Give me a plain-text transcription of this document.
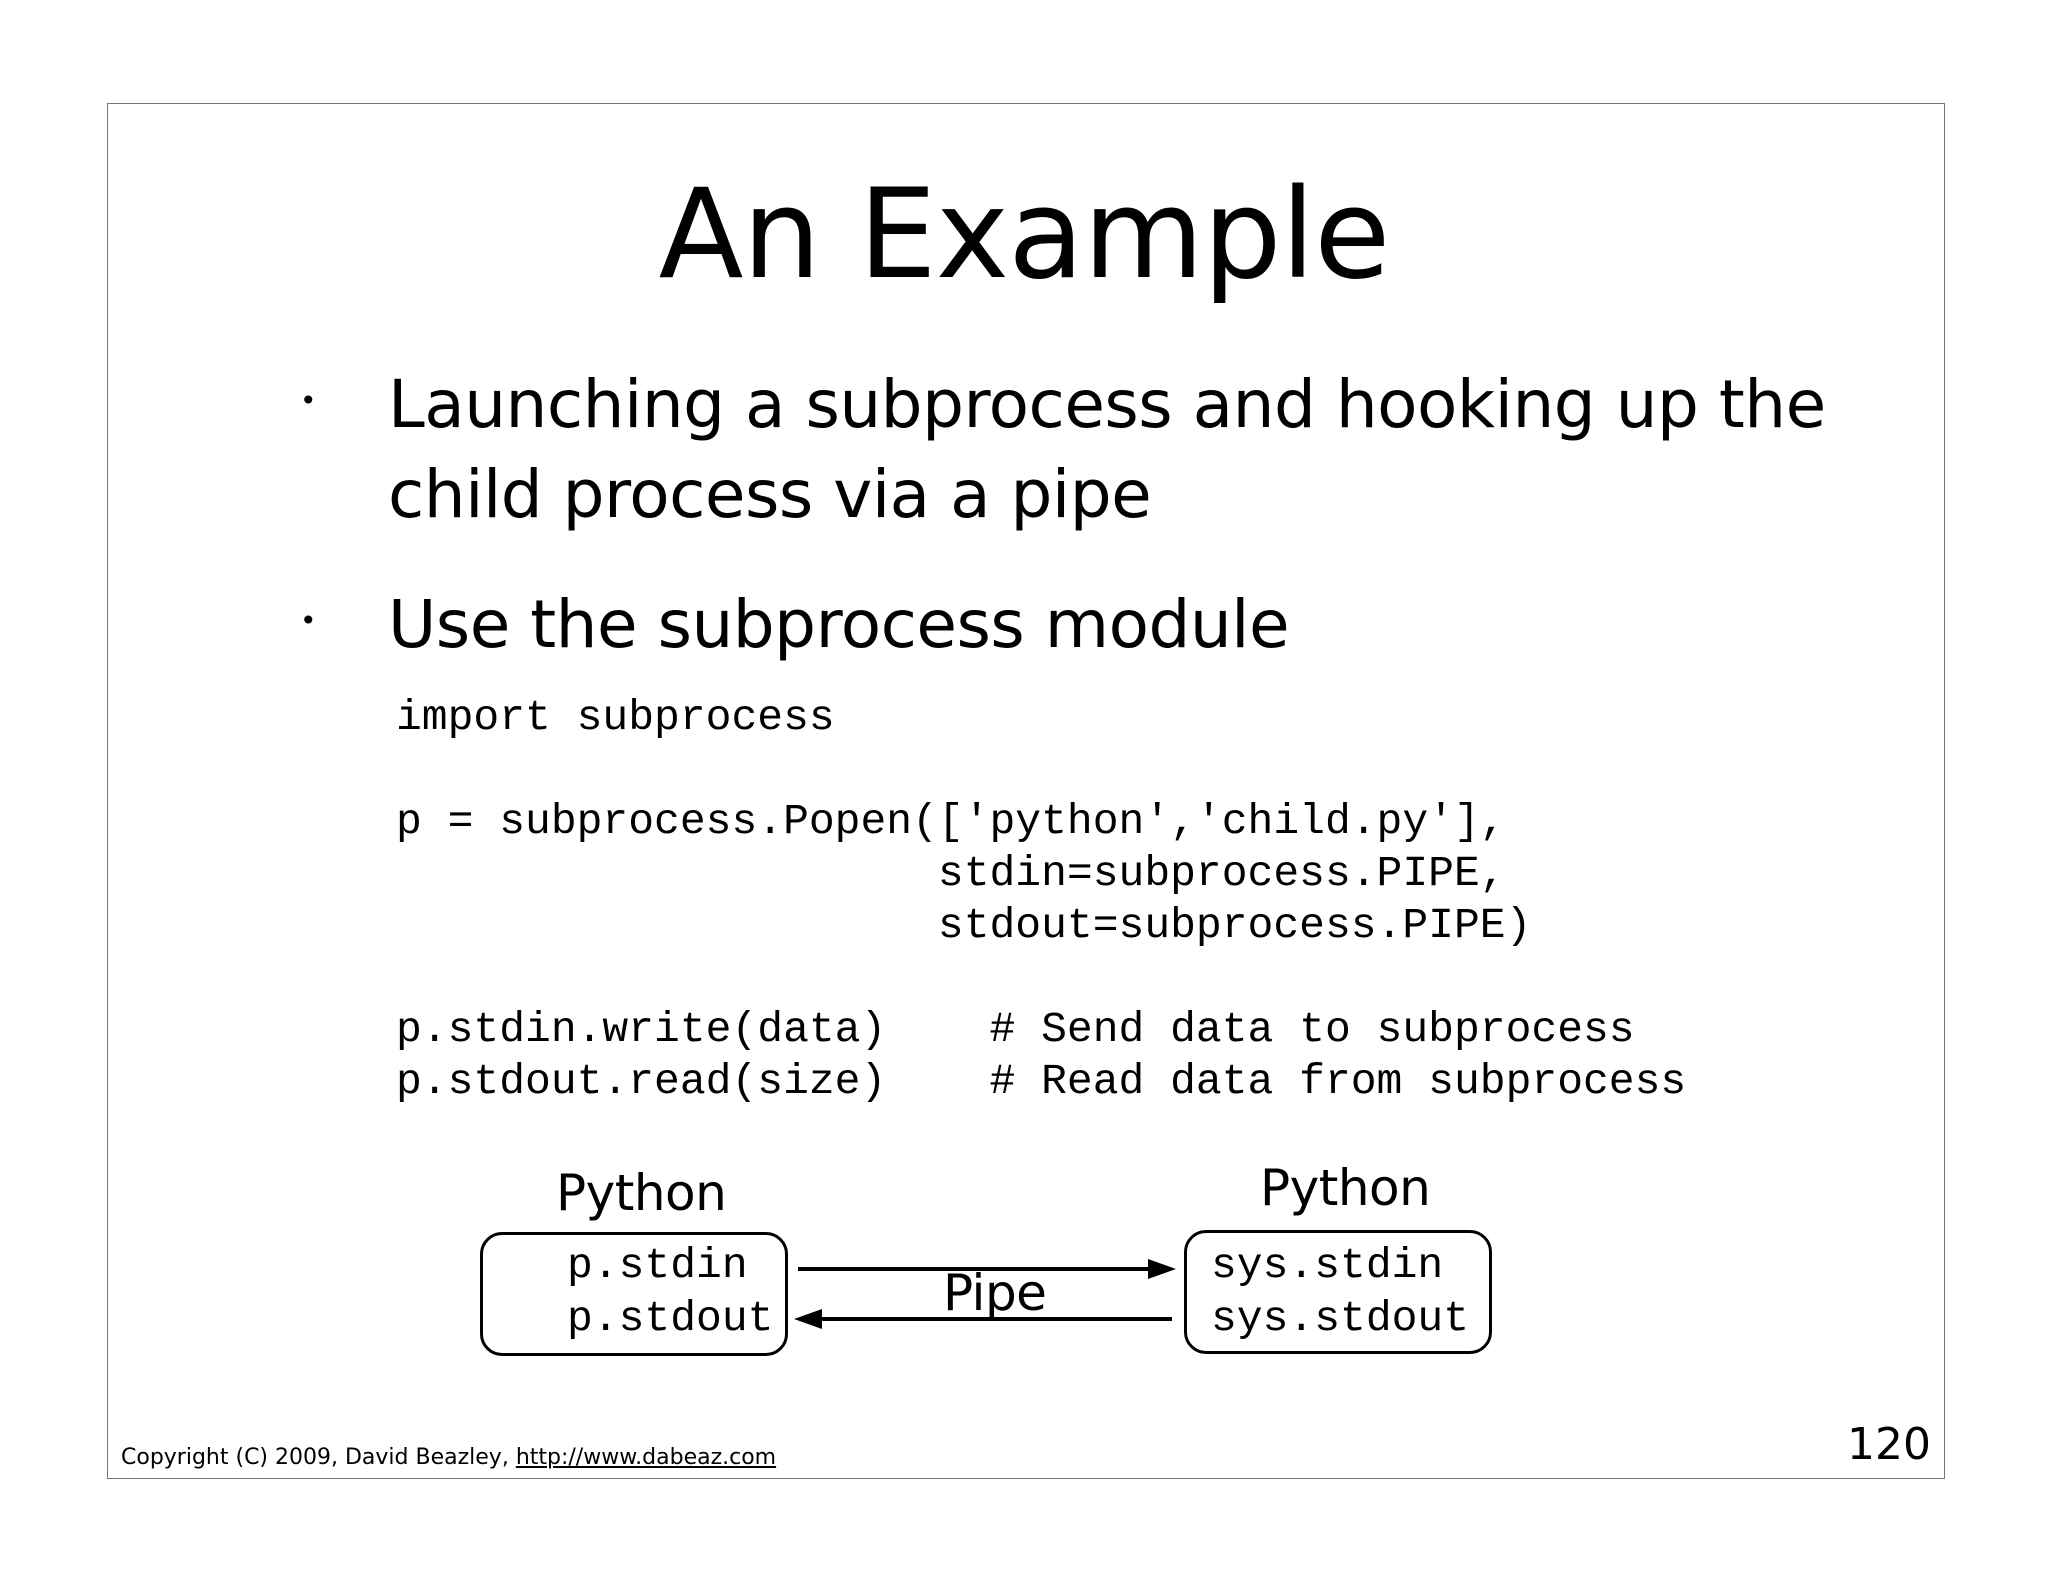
An Example
• Launching a subprocess and hooking up the
child process via a pipe
• Use the subprocess module
import subprocess

p = subprocess.Popen(['python','child.py'],
stdin=subprocess.PIPE,
stdout=subprocess.PIPE)

p.stdin.write(data)    # Send data to subprocess
p.stdout.read(size)    # Read data from subprocess
Python
p.stdin
p.stdout	Pipe
Python
sys.stdin
sys.stdout
Copyright (C) 2009, David Beazley, http://www.dabeaz.com	120
